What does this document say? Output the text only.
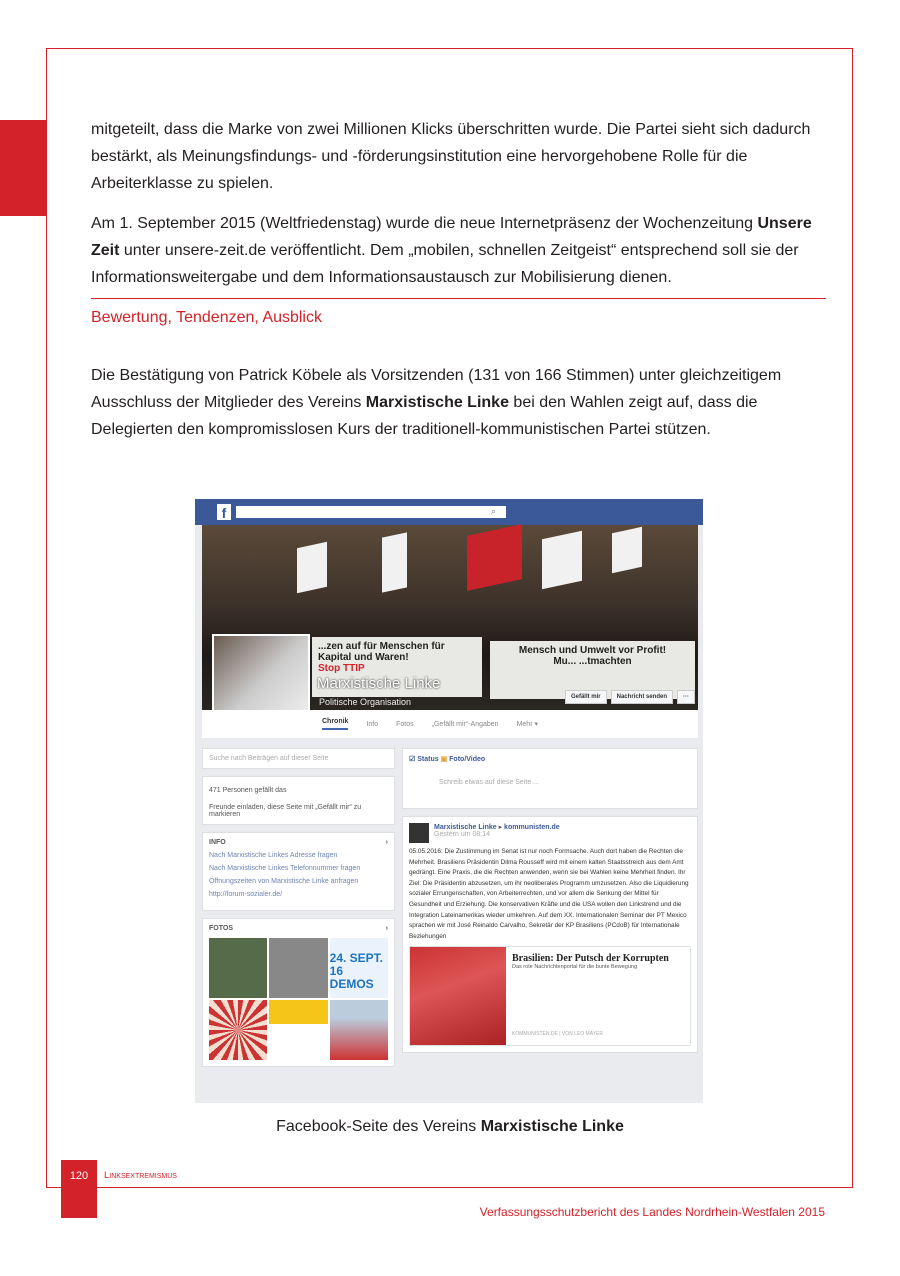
mitgeteilt, dass die Marke von zwei Millionen Klicks überschritten wurde. Die Partei sieht sich dadurch bestärkt, als Meinungsfindungs- und -förderungsinstitution eine hervorgehobene Rolle für die Arbeiterklasse zu spielen.

Am 1. September 2015 (Weltfriedenstag) wurde die neue Internetpräsenz der Wochenzeitung Unsere Zeit unter unsere-zeit.de veröffentlicht. Dem „mobilen, schnellen Zeitgeist“ entsprechend soll sie der Informationsweitergabe und dem Informationsaustausch zur Mobilisierung dienen.

Bewertung, Tendenzen, Ausblick

Die Bestätigung von Patrick Köbele als Vorsitzenden (131 von 166 Stimmen) unter gleichzeitigem Ausschluss der Mitglieder des Vereins Marxistische Linke bei den Wahlen zeigt auf, dass die Delegierten den kompromisslosen Kurs der traditionell-kommunistischen Partei stützen.

f	⌕
...zen auf für Menschen für Kapital und Waren!
Stop TTIP
Mensch und Umwelt vor Profit!
Mu... ...tmachten
Marxistische Linke
Politische Organisation	Gefällt mir	Nachricht senden	···
Chronik	Info	Fotos	„Gefällt mir“-Angaben	Mehr ▾
Suche nach Beiträgen auf dieser Seite
471 Personen gefällt das
Freunde einladen, diese Seite mit „Gefällt mir“ zu markieren
INFO	›
Nach Marxistische Linkes Adresse fragen
Nach Marxistische Linkes Telefonnummer fragen
Öffnungszeiten von Marxistische Linke anfragen
http://forum-sozialer.de/
FOTOS	›
24. SEPT. 16 DEMOS
☑ Status ▣ Foto/Video
Schreib etwas auf diese Seite ...
Marxistische Linke ▸ kommunisten.de
Gestern um 08:14
05.05.2016: Die Zustimmung im Senat ist nur noch Formsache. Auch dort haben die Rechten die Mehrheit. Brasiliens Präsidentin Dilma Rousseff wird mit einem kalten Staatsstreich aus dem Amt gedrängt. Eine Praxis, die die Rechten anwenden, wenn sie bei Wahlen keine Mehrheit finden. Ihr Ziel: Die Präsidentin abzusetzen, um ihr neoliberales Programm umzusetzen. Also die Liquidierung sozialer Errungenschaften, von Arbeiterrechten, und vor allem die Senkung der Mittel für Gesundheit und Erziehung. Die konservativen Kräfte und die USA wollen den Linkstrend und die Integration Lateinamerikas wieder umkehren. Auf dem XX. Internationalen Seminar der PT Mexico sprachen wir mit José Reinaldo Carvalho, Sekretär der KP Brasiliens (PCdoB) für Internationale Beziehungen
Brasilien: Der Putsch der Korrupten
Das rote Nachrichtenportal für die bunte Bewegung
KOMMUNISTEN.DE | VON LEO MAYER
Facebook-Seite des Vereins Marxistische Linke
120	Linksextremismus
Verfassungsschutzbericht des Landes Nordrhein-Westfalen 2015
